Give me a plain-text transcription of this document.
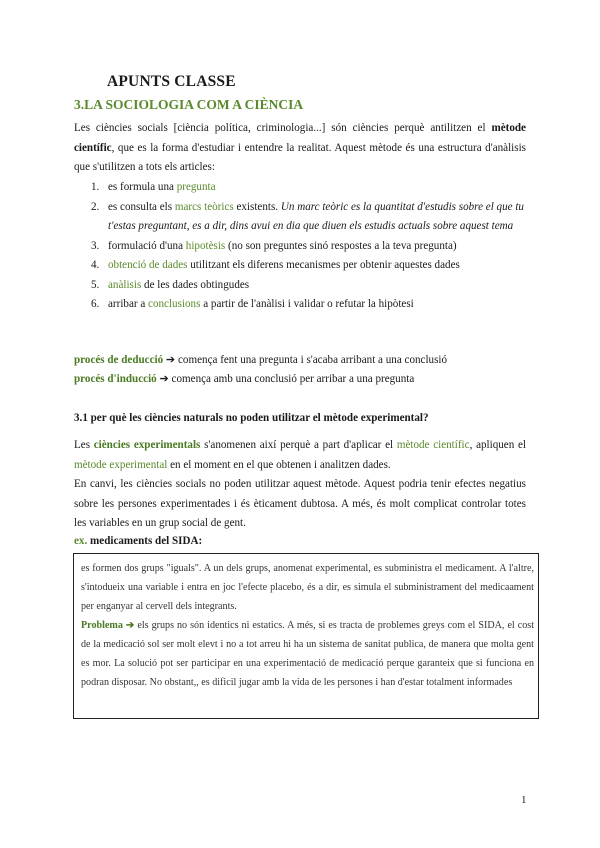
APUNTS CLASSE
3.LA SOCIOLOGIA COM A CIÈNCIA

Les ciències socials [ciència política, criminologia...] són ciències perquè antilitzen el mètode científic, que es la forma d'estudiar i entendre la realitat. Aquest mètode és una estructura d'anàlisis que s'utilitzen a tots els articles:

1. es formula una pregunta
2. es consulta els marcs teòrics existents. Un marc teòric es la quantitat d'estudis sobre el que tu t'estas preguntant, es a dir, dins avui en dia que diuen els estudis actuals sobre aquest tema
3. formulació d'una hipotèsis (no son preguntes sinó respostes a la teva pregunta)
4. obtenció de dades utilitzant els diferens mecanismes per obtenir aquestes dades
5. anàlisis de les dades obtingudes
6. arribar a conclusions a partir de l'anàlisi i validar o refutar la hipòtesi

procés de deducció ➔ comença fent una pregunta i s'acaba arribant a una conclusió

procés d'inducció ➔ comença amb una conclusió per arribar a una pregunta

3.1 per què les ciències naturals no poden utilitzar el mètode experimental?

Les ciències experimentals s'anomenen així perquè a part d'aplicar el mètode científic, apliquen el mètode experimental en el moment en el que obtenen i analitzen dades.

En canvi, les ciències socials no poden utilitzar aquest mètode. Aquest podria tenir efectes negatius sobre les persones experimentades i és èticament dubtosa. A més, és molt complicat controlar totes les variables en un grup social de gent.

ex. medicaments del SIDA:

es formen dos grups "iguals". A un dels grups, anomenat experimental, es subministra el medicament. A l'altre, s'intodueix una variable i entra en joc l'efecte placebo, és a dir, es simula el subministrament del medicaament per enganyar al cervell dels integrants.

Problema ➔ els grups no són identics ni estatics. A més, si es tracta de problemes greys com el SIDA, el cost de la medicació sol ser molt elevt i no a tot arreu hi ha un sistema de sanitat publica, de manera que molta gent es mor. La solució pot ser participar en una experimentació de medicació perque garanteix que si funciona en podran disposar. No obstant,, es dificil jugar amb la vida de les persones i han d'estar totalment informades

1
